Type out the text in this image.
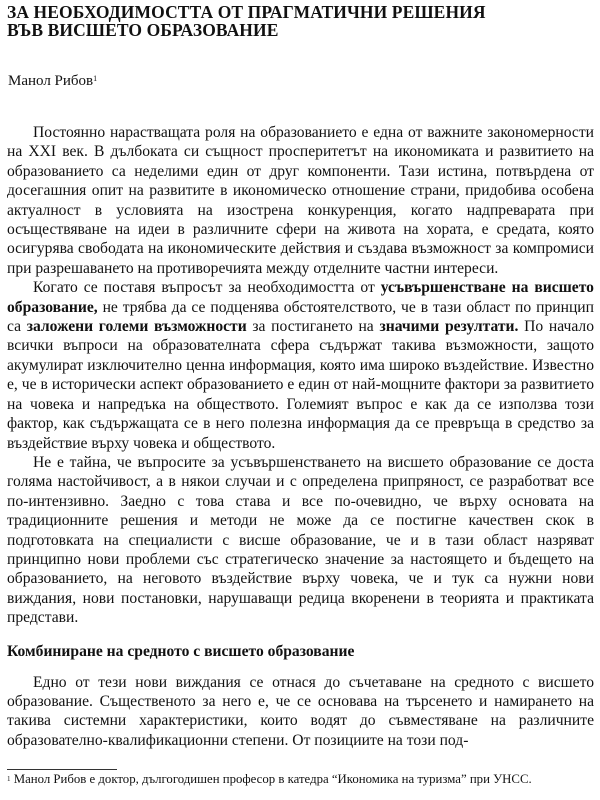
ЗА НЕОБХОДИМОСТТА ОТ ПРАГМАТИЧНИ РЕШЕНИЯ
ВЪВ ВИСШЕТО ОБРАЗОВАНИЕ
Манол Рибов$^1$

Постоянно нарастващата роля на образованието е една от важните закономерности на XXI век. В дълбоката си същност просперитетът на икономиката и развитието на образованието са неделими един от друг компоненти. Тази истина, потвърдена от досегашния опит на развитите в икономическо отношение страни, придобива особена актуалност в условията на изострена конкуренция, когато надпреварата при осъществяване на идеи в различните сфери на живота на хората, е средата, която осигурява свободата на икономическите действия и създава възможност за компромиси при разрешаването на противоречията между отделните частни интереси.

Когато се поставя въпросът за необходимостта от усъвършенстване на висшето образование, не трябва да се подценява обстоятелството, че в тази област по принцип са заложени големи възможности за постигането на значими резултати. По начало всички въпроси на образователната сфера съдържат такива възможности, защото акумулират изключително ценна информация, която има широко въздействие. Известно е, че в исторически аспект образованието е един от най-мощните фактори за развитието на човека и напредъка на обществото. Големият въпрос е как да се използва този фактор, как съдържащата се в него полезна информация да се превръща в средство за въздействие върху човека и обществото.

Не е тайна, че въпросите за усъвършенстването на висшето образование се доста голяма настойчивост, а в някои случаи и с определена припряност, се разработват все по-интензивно. Заедно с това става и все по-очевидно, че върху основата на традиционните решения и методи не може да се постигне качествен скок в подготовката на специалисти с висше образование, че и в тази област назряват принципно нови проблеми със стратегическо значение за настоящето и бъдещето на образованието, на неговото въздействие върху човека, че и тук са нужни нови виждания, нови постановки, нарушаващи редица вкоренени в теорията и практиката представи.

Комбиниране на средното с висшето образование

Едно от тези нови виждания се отнася до съчетаване на средното с висшето образование. Същественото за него е, че се основава на търсенето и намирането на такива системни характеристики, които водят до съвместяване на различните образователно-квалификационни степени. От позициите на този под-

$^1$ Манол Рибов е доктор, дългогодишен професор в катедра “Икономика на туризма” при УНСС.
